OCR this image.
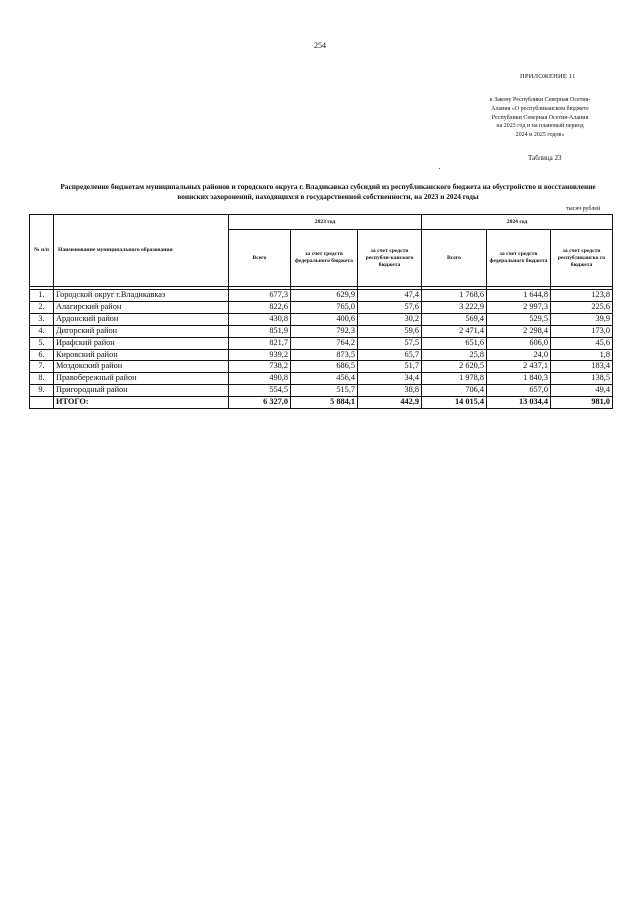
254
ПРИЛОЖЕНИЕ 11
к Закону Республики Северная Осетия-
Алания «О республиканском бюджете
Республики Северная Осетия-Алания
на 2023 год и на плановый период
2024 и 2025 годов»
Таблица 23
Распределение бюджетам муниципальных районов и городского округа г. Владикавказ субсидий из республиканского бюджета на обустройство и восстановление воинских захоронений, находящихся в государственной собственности, на 2023 и 2024 годы
тысяч рублей
№ п/п	Наименование муниципального образования	2023 год			2024 год		
		Всего	за счет средств федерального бюджета	за счет средств республи-канского бюджета	Всего	за счет средств федерального бюджета	за счет средств республиканско го бюджета

1.	Городской округ г.Владикавказ	677,3	629,9	47,4	1 768,6	1 644,8	123,8
2.	Алагирский район	822,6	765,0	57,6	3 222,9	2 997,3	225,6
3.	Ардонский район	430,8	400,6	30,2	569,4	529,5	39,9
4.	Дигорский район	851,9	792,3	59,6	2 471,4	2 298,4	173,0
5.	Ирафский район	821,7	764,2	57,5	651,6	606,0	45,6
6.	Кировский район	939,2	873,5	65,7	25,8	24,0	1,8
7.	Моздокский район	738,2	686,5	51,7	2 620,5	2 437,1	183,4
8.	Правобережный район	490,8	456,4	34,4	1 978,8	1 840,3	138,5
9.	Пригородный район	554,5	515,7	38,8	706,4	657,0	49,4
	ИТОГО:	6 327,0	5 884,1	442,9	14 015,4	13 034,4	981,0
